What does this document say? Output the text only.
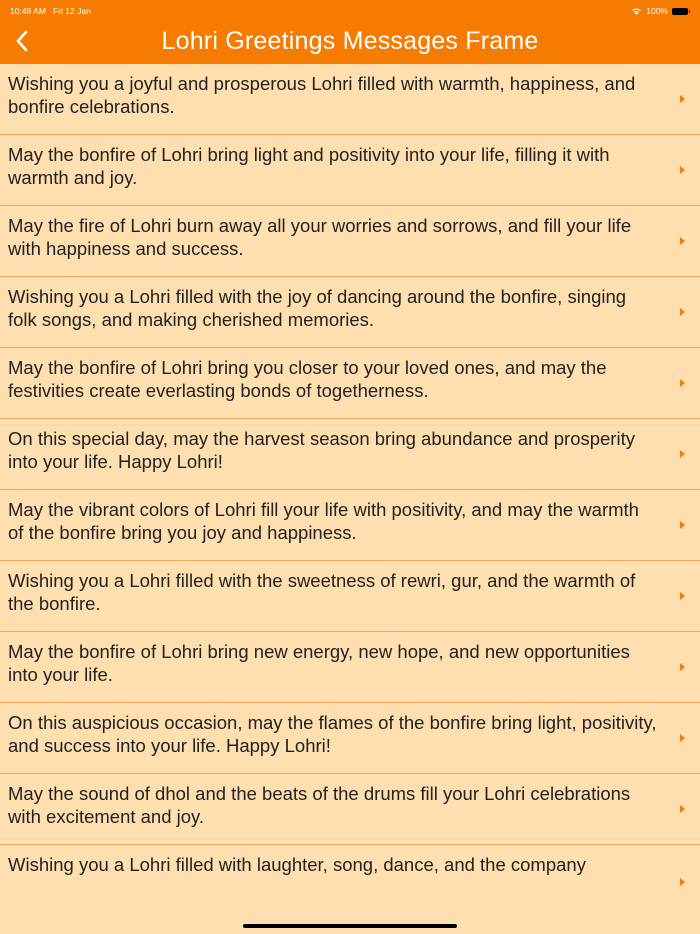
10:48 AM Fri 12 Jan	100%
Lohri Greetings Messages Frame
Wishing you a joyful and prosperous Lohri filled with warmth, happiness, and bonfire celebrations.
May the bonfire of Lohri bring light and positivity into your life, filling it with warmth and joy.
May the fire of Lohri burn away all your worries and sorrows, and fill your life with happiness and success.
Wishing you a Lohri filled with the joy of dancing around the bonfire, singing folk songs, and making cherished memories.
May the bonfire of Lohri bring you closer to your loved ones, and may the festivities create everlasting bonds of togetherness.
On this special day, may the harvest season bring abundance and prosperity into your life. Happy Lohri!
May the vibrant colors of Lohri fill your life with positivity, and may the warmth of the bonfire bring you joy and happiness.
Wishing you a Lohri filled with the sweetness of rewri, gur, and the warmth of the bonfire.
May the bonfire of Lohri bring new energy, new hope, and new opportunities into your life.
On this auspicious occasion, may the flames of the bonfire bring light, positivity, and success into your life. Happy Lohri!
May the sound of dhol and the beats of the drums fill your Lohri celebrations with excitement and joy.
Wishing you a Lohri filled with laughter, song, dance, and the company
